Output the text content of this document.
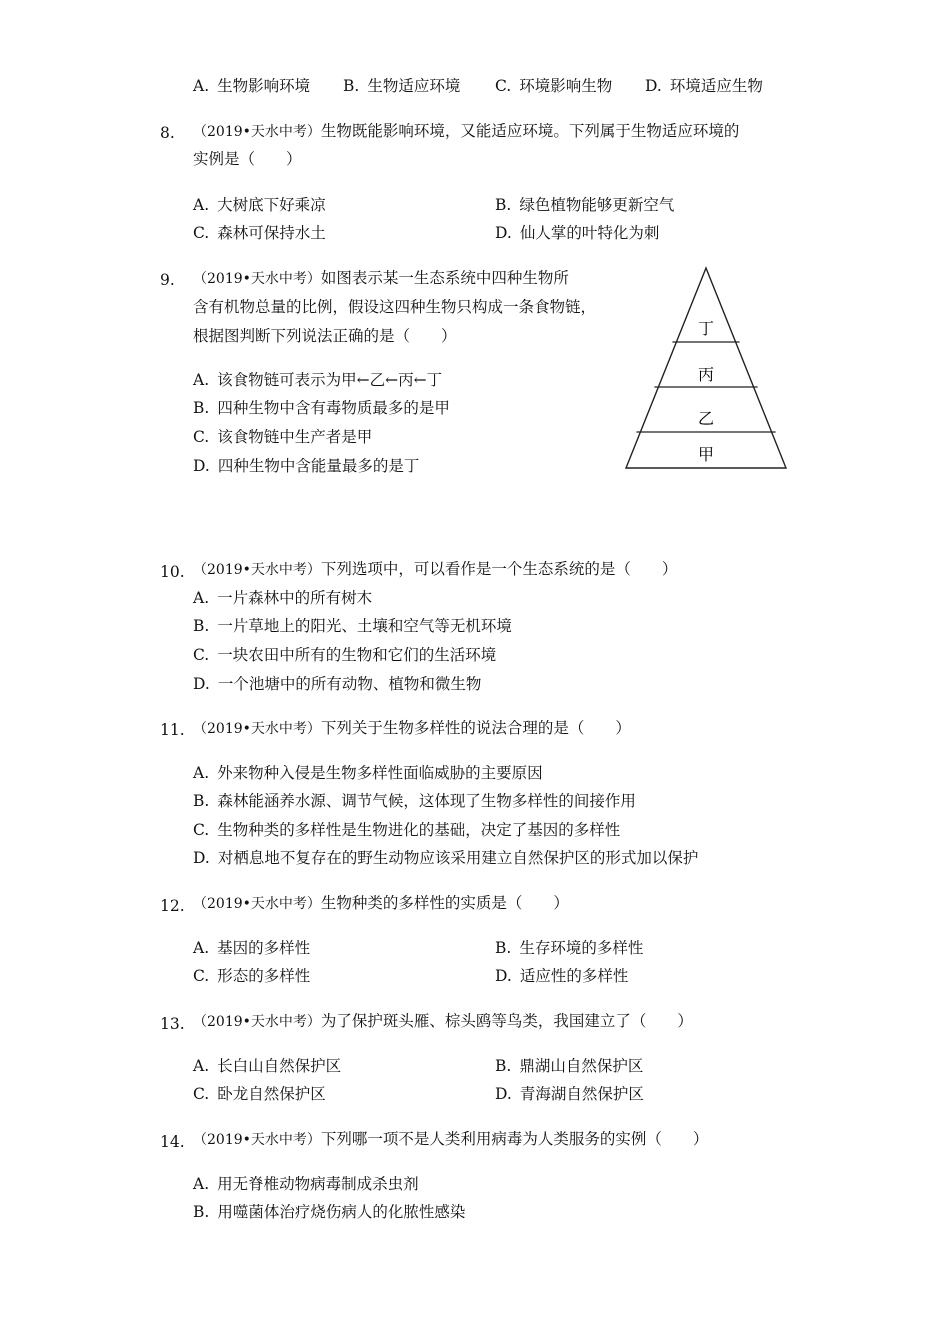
A. 生物影响环境 B. 生物适应环境 C. 环境影响生物 D. 环境适应生物
8. （2019•天水中考）生物既能影响环境，又能适应环境。下列属于生物适应环境的
实例是（　　）
A. 大树底下好乘凉	B. 绿色植物能够更新空气
C. 森林可保持水土	D. 仙人掌的叶特化为刺
9. （2019•天水中考）如图表示某一生态系统中四种生物所
含有机物总量的比例，假设这四种生物只构成一条食物链，
根据图判断下列说法正确的是（　　）
A. 该食物链可表示为甲←乙←丙←丁
B. 四种生物中含有毒物质最多的是甲
C. 该食物链中生产者是甲
D. 四种生物中含能量最多的是丁
丁
丙
乙
甲
10. （2019•天水中考）下列选项中，可以看作是一个生态系统的是（　　）
A. 一片森林中的所有树木
B. 一片草地上的阳光、土壤和空气等无机环境
C. 一块农田中所有的生物和它们的生活环境
D. 一个池塘中的所有动物、植物和微生物
11. （2019•天水中考）下列关于生物多样性的说法合理的是（　　）
A. 外来物种入侵是生物多样性面临威胁的主要原因
B. 森林能涵养水源、调节气候，这体现了生物多样性的间接作用
C. 生物种类的多样性是生物进化的基础，决定了基因的多样性
D. 对栖息地不复存在的野生动物应该采用建立自然保护区的形式加以保护
12. （2019•天水中考）生物种类的多样性的实质是（　　）
A. 基因的多样性	B. 生存环境的多样性
C. 形态的多样性	D. 适应性的多样性
13. （2019•天水中考）为了保护斑头雁、棕头鸥等鸟类，我国建立了（　　）
A. 长白山自然保护区	B. 鼎湖山自然保护区
C. 卧龙自然保护区	D. 青海湖自然保护区
14. （2019•天水中考）下列哪一项不是人类利用病毒为人类服务的实例（　　）
A. 用无脊椎动物病毒制成杀虫剂
B. 用噬菌体治疗烧伤病人的化脓性感染
